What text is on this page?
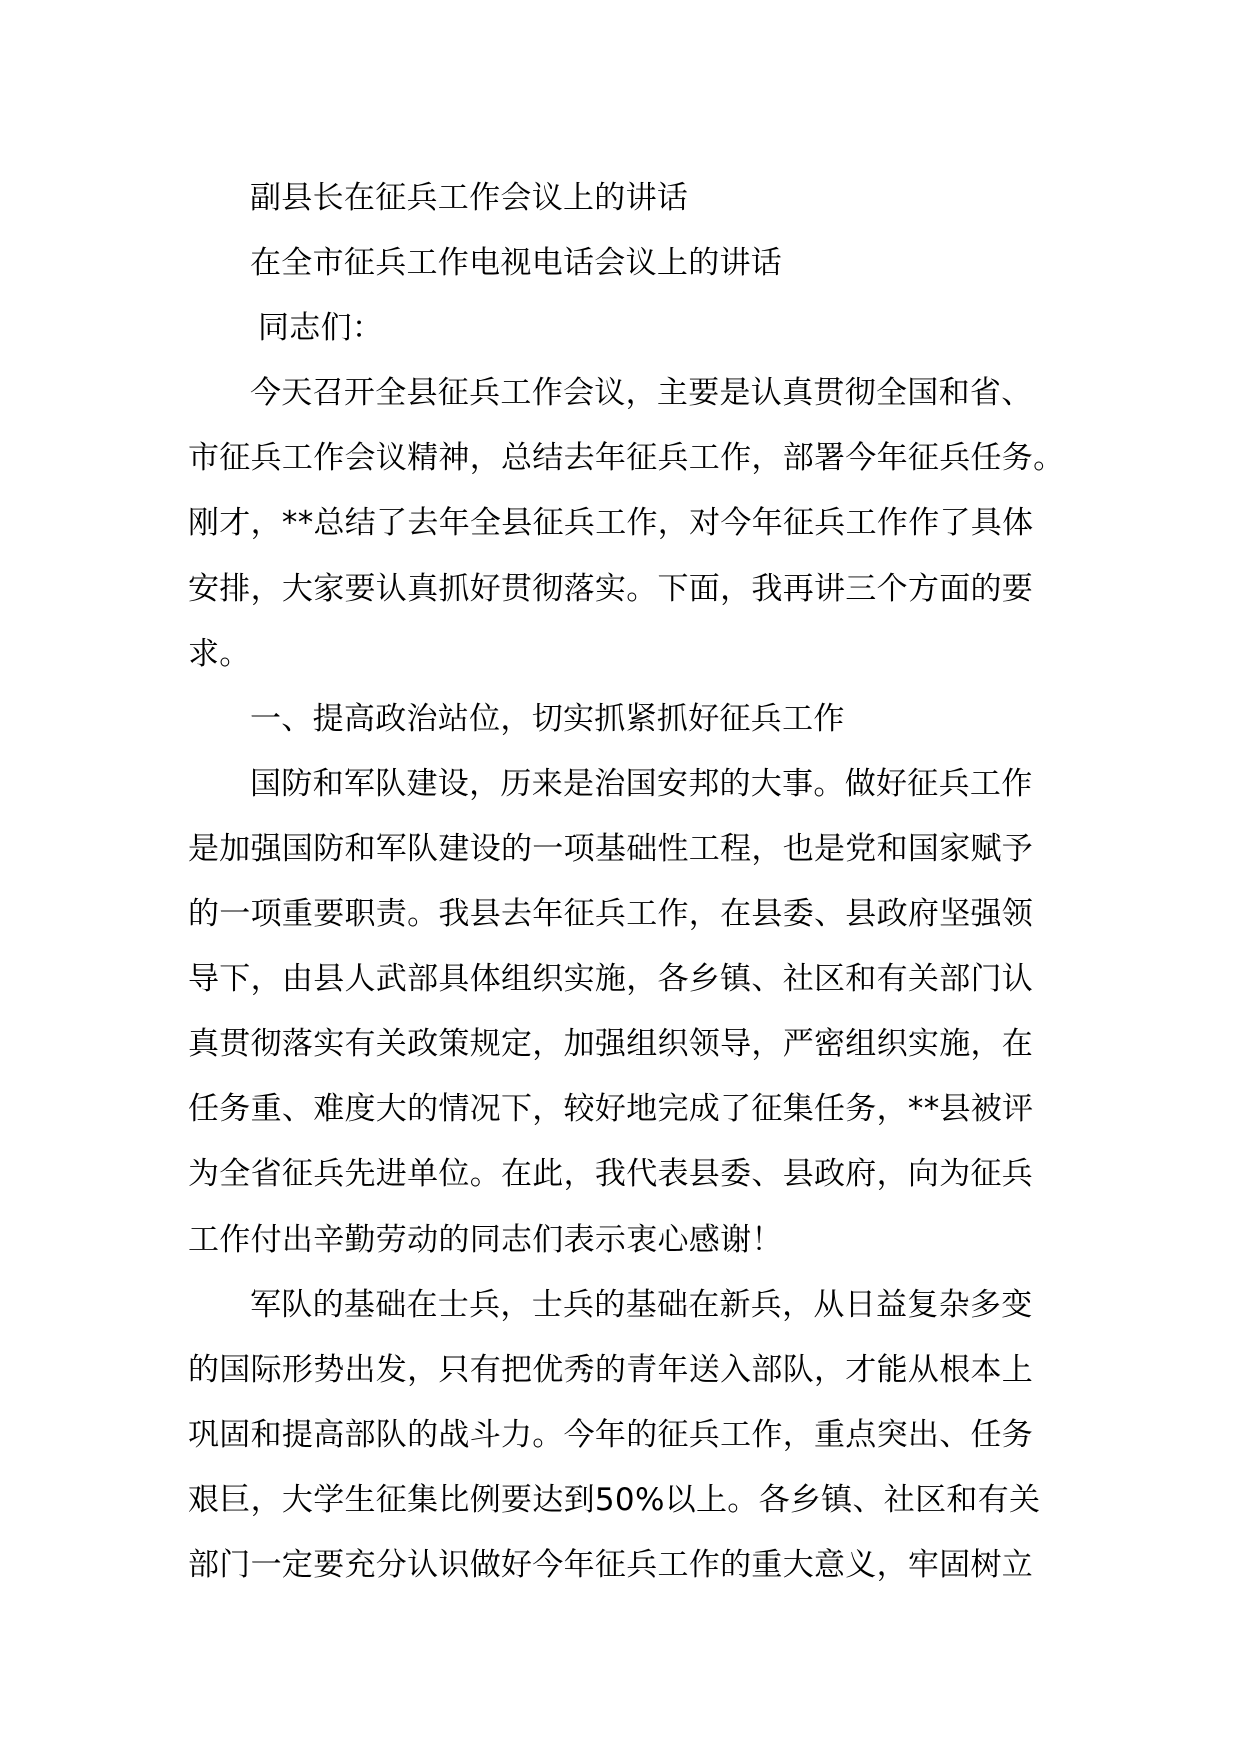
副县长在征兵工作会议上的讲话
在全市征兵工作电视电话会议上的讲话
同志们：
今天召开全县征兵工作会议，主要是认真贯彻全国和省、
市征兵工作会议精神，总结去年征兵工作，部署今年征兵任务。
刚才，**总结了去年全县征兵工作，对今年征兵工作作了具体
安排，大家要认真抓好贯彻落实。下面，我再讲三个方面的要
求。
一、提高政治站位，切实抓紧抓好征兵工作
国防和军队建设，历来是治国安邦的大事。做好征兵工作
是加强国防和军队建设的一项基础性工程，也是党和国家赋予
的一项重要职责。我县去年征兵工作，在县委、县政府坚强领
导下，由县人武部具体组织实施，各乡镇、社区和有关部门认
真贯彻落实有关政策规定，加强组织领导，严密组织实施，在
任务重、难度大的情况下，较好地完成了征集任务，**县被评
为全省征兵先进单位。在此，我代表县委、县政府，向为征兵
工作付出辛勤劳动的同志们表示衷心感谢！
军队的基础在士兵，士兵的基础在新兵，从日益复杂多变
的国际形势出发，只有把优秀的青年送入部队，才能从根本上
巩固和提高部队的战斗力。今年的征兵工作，重点突出、任务
艰巨，大学生征集比例要达到50%以上。各乡镇、社区和有关
部门一定要充分认识做好今年征兵工作的重大意义，牢固树立
